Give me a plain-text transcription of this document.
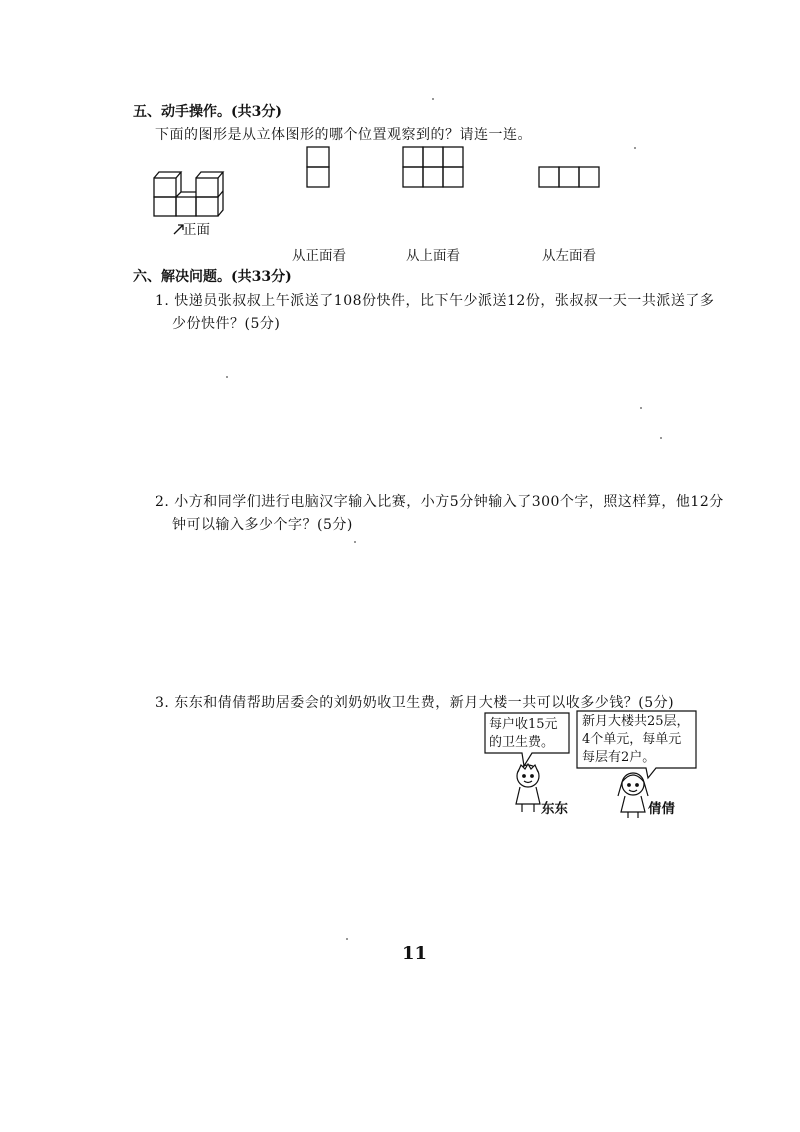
五、动手操作。(共3分)
下面的图形是从立体图形的哪个位置观察到的？请连一连。
正面
从正面看	从上面看	从左面看
六、解决问题。(共33分)
1. 快递员张叔叔上午派送了108份快件，比下午少派送12份，张叔叔一天一共派送了多
少份快件？(5分)
2. 小方和同学们进行电脑汉字输入比赛，小方5分钟输入了300个字，照这样算，他12分
钟可以输入多少个字？(5分)
3. 东东和倩倩帮助居委会的刘奶奶收卫生费，新月大楼一共可以收多少钱？(5分)
每户收15元
的卫生费。
新月大楼共25层，
4个单元，每单元
每层有2户。
东东	倩倩
11
